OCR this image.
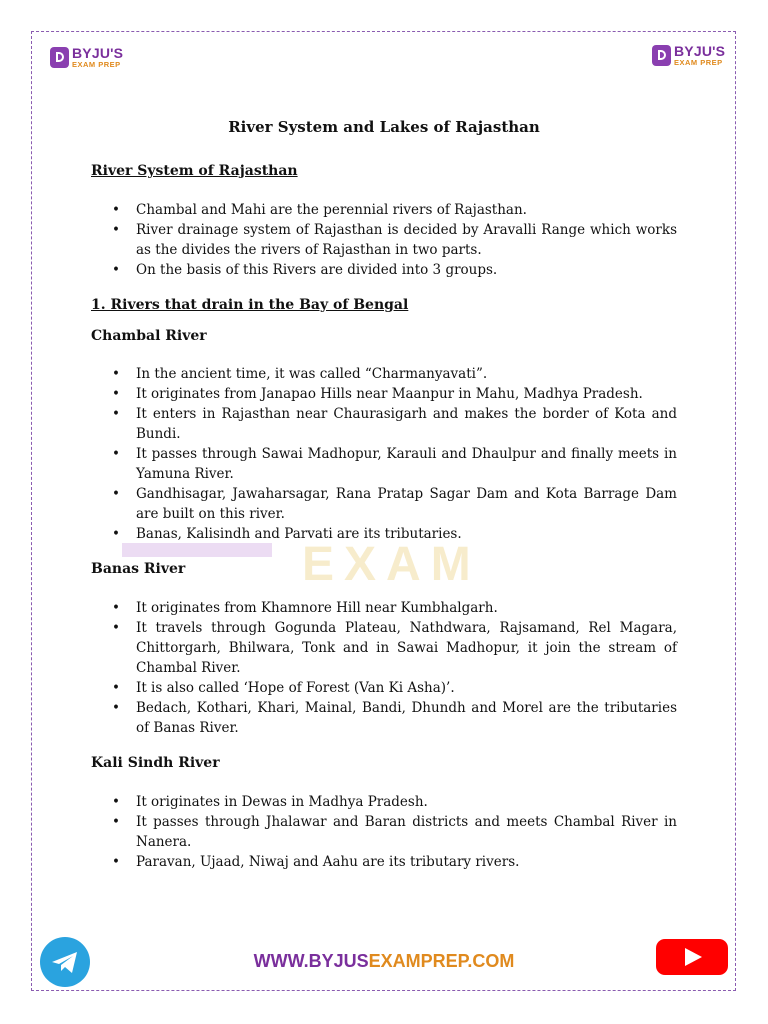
BYJU'S
EXAM PREP
BYJU'S
EXAM PREP
EXAM
River System and Lakes of Rajasthan
River System of Rajasthan
• Chambal and Mahi are the perennial rivers of Rajasthan.
• River drainage system of Rajasthan is decided by Aravalli Range which works as the divides the rivers of Rajasthan in two parts.
• On the basis of this Rivers are divided into 3 groups.
1. Rivers that drain in the Bay of Bengal
Chambal River
• In the ancient time, it was called “Charmanyavati”.
• It originates from Janapao Hills near Maanpur in Mahu, Madhya Pradesh.
• It enters in Rajasthan near Chaurasigarh and makes the border of Kota and Bundi.
• It passes through Sawai Madhopur, Karauli and Dhaulpur and finally meets in Yamuna River.
• Gandhisagar, Jawaharsagar, Rana Pratap Sagar Dam and Kota Barrage Dam are built on this river.
• Banas, Kalisindh and Parvati are its tributaries.
Banas River
• It originates from Khamnore Hill near Kumbhalgarh.
• It travels through Gogunda Plateau, Nathdwara, Rajsamand, Rel Magara, Chittorgarh, Bhilwara, Tonk and in Sawai Madhopur, it join the stream of Chambal River.
• It is also called ‘Hope of Forest (Van Ki Asha)’.
• Bedach, Kothari, Khari, Mainal, Bandi, Dhundh and Morel are the tributaries of Banas River.
Kali Sindh River
• It originates in Dewas in Madhya Pradesh.
• It passes through Jhalawar and Baran districts and meets Chambal River in Nanera.
• Paravan, Ujaad, Niwaj and Aahu are its tributary rivers.
WWW.BYJUSEXAMPREP.COM
